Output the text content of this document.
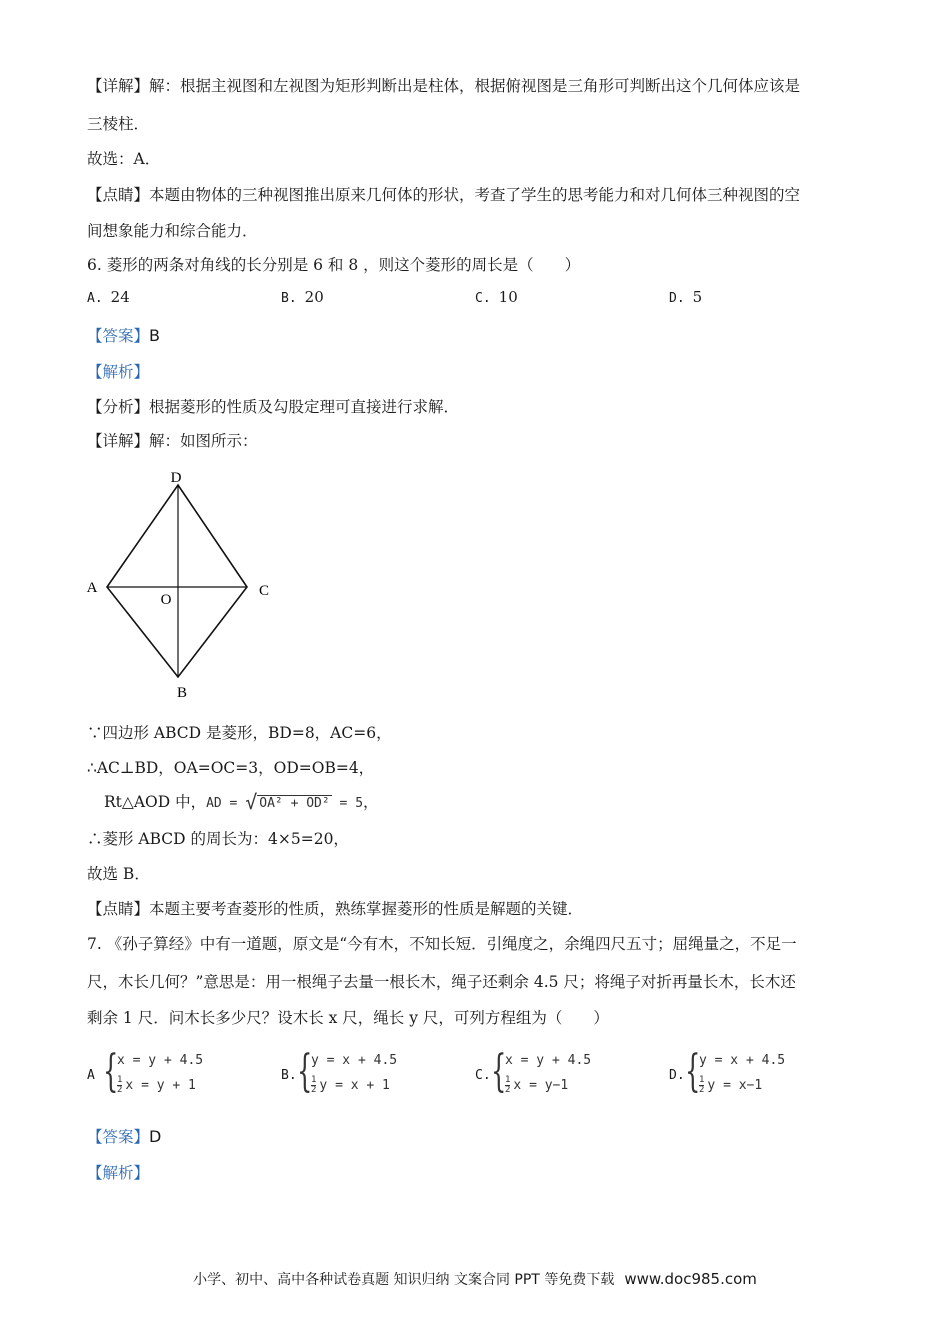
【详解】解：根据主视图和左视图为矩形判断出是柱体，根据俯视图是三角形可判断出这个几何体应该是
三棱柱．
故选：A．
【点睛】本题由物体的三种视图推出原来几何体的形状，考查了学生的思考能力和对几何体三种视图的空
间想象能力和综合能力．
6. 菱形的两条对角线的长分别是 6 和 8 ，则这个菱形的周长是（　　）
A. 24	B. 20	C. 10	D. 5
【答案】B
【解析】
【分析】根据菱形的性质及勾股定理可直接进行求解．
【详解】解：如图所示：
D
A	C
O
B
∵四边形 ABCD 是菱形，BD=8，AC=6，
∴AC⊥BD，OA=OC=3，OD=OB=4，
Rt△AOD 中，AD = √ OA² + OD² = 5，
∴菱形 ABCD 的周长为：4×5=20，
故选 B．
【点睛】本题主要考查菱形的性质，熟练掌握菱形的性质是解题的关键．
7. 《孙子算经》中有一道题，原文是“今有木，不知长短．引绳度之，余绳四尺五寸；屈绳量之，不足一
尺，木长几何？”意思是：用一根绳子去量一根长木，绳子还剩余 4.5 尺；将绳子对折再量长木，长木还
剩余 1 尺．问木长多少尺？设木长 x 尺，绳长 y 尺，可列方程组为（　　）
A {
x = y + 4.5
$\frac{1}{2}$ x = y + 1
B. {
y = x + 4.5
$\frac{1}{2}$ y = x + 1
C. {
x = y + 4.5
$\frac{1}{2}$ x = y−1
D. {
y = x + 4.5
$\frac{1}{2}$ y = x−1
【答案】D
【解析】
小学、初中、高中各种试卷真题 知识归纳 文案合同 PPT 等免费下载 www.doc985.com
